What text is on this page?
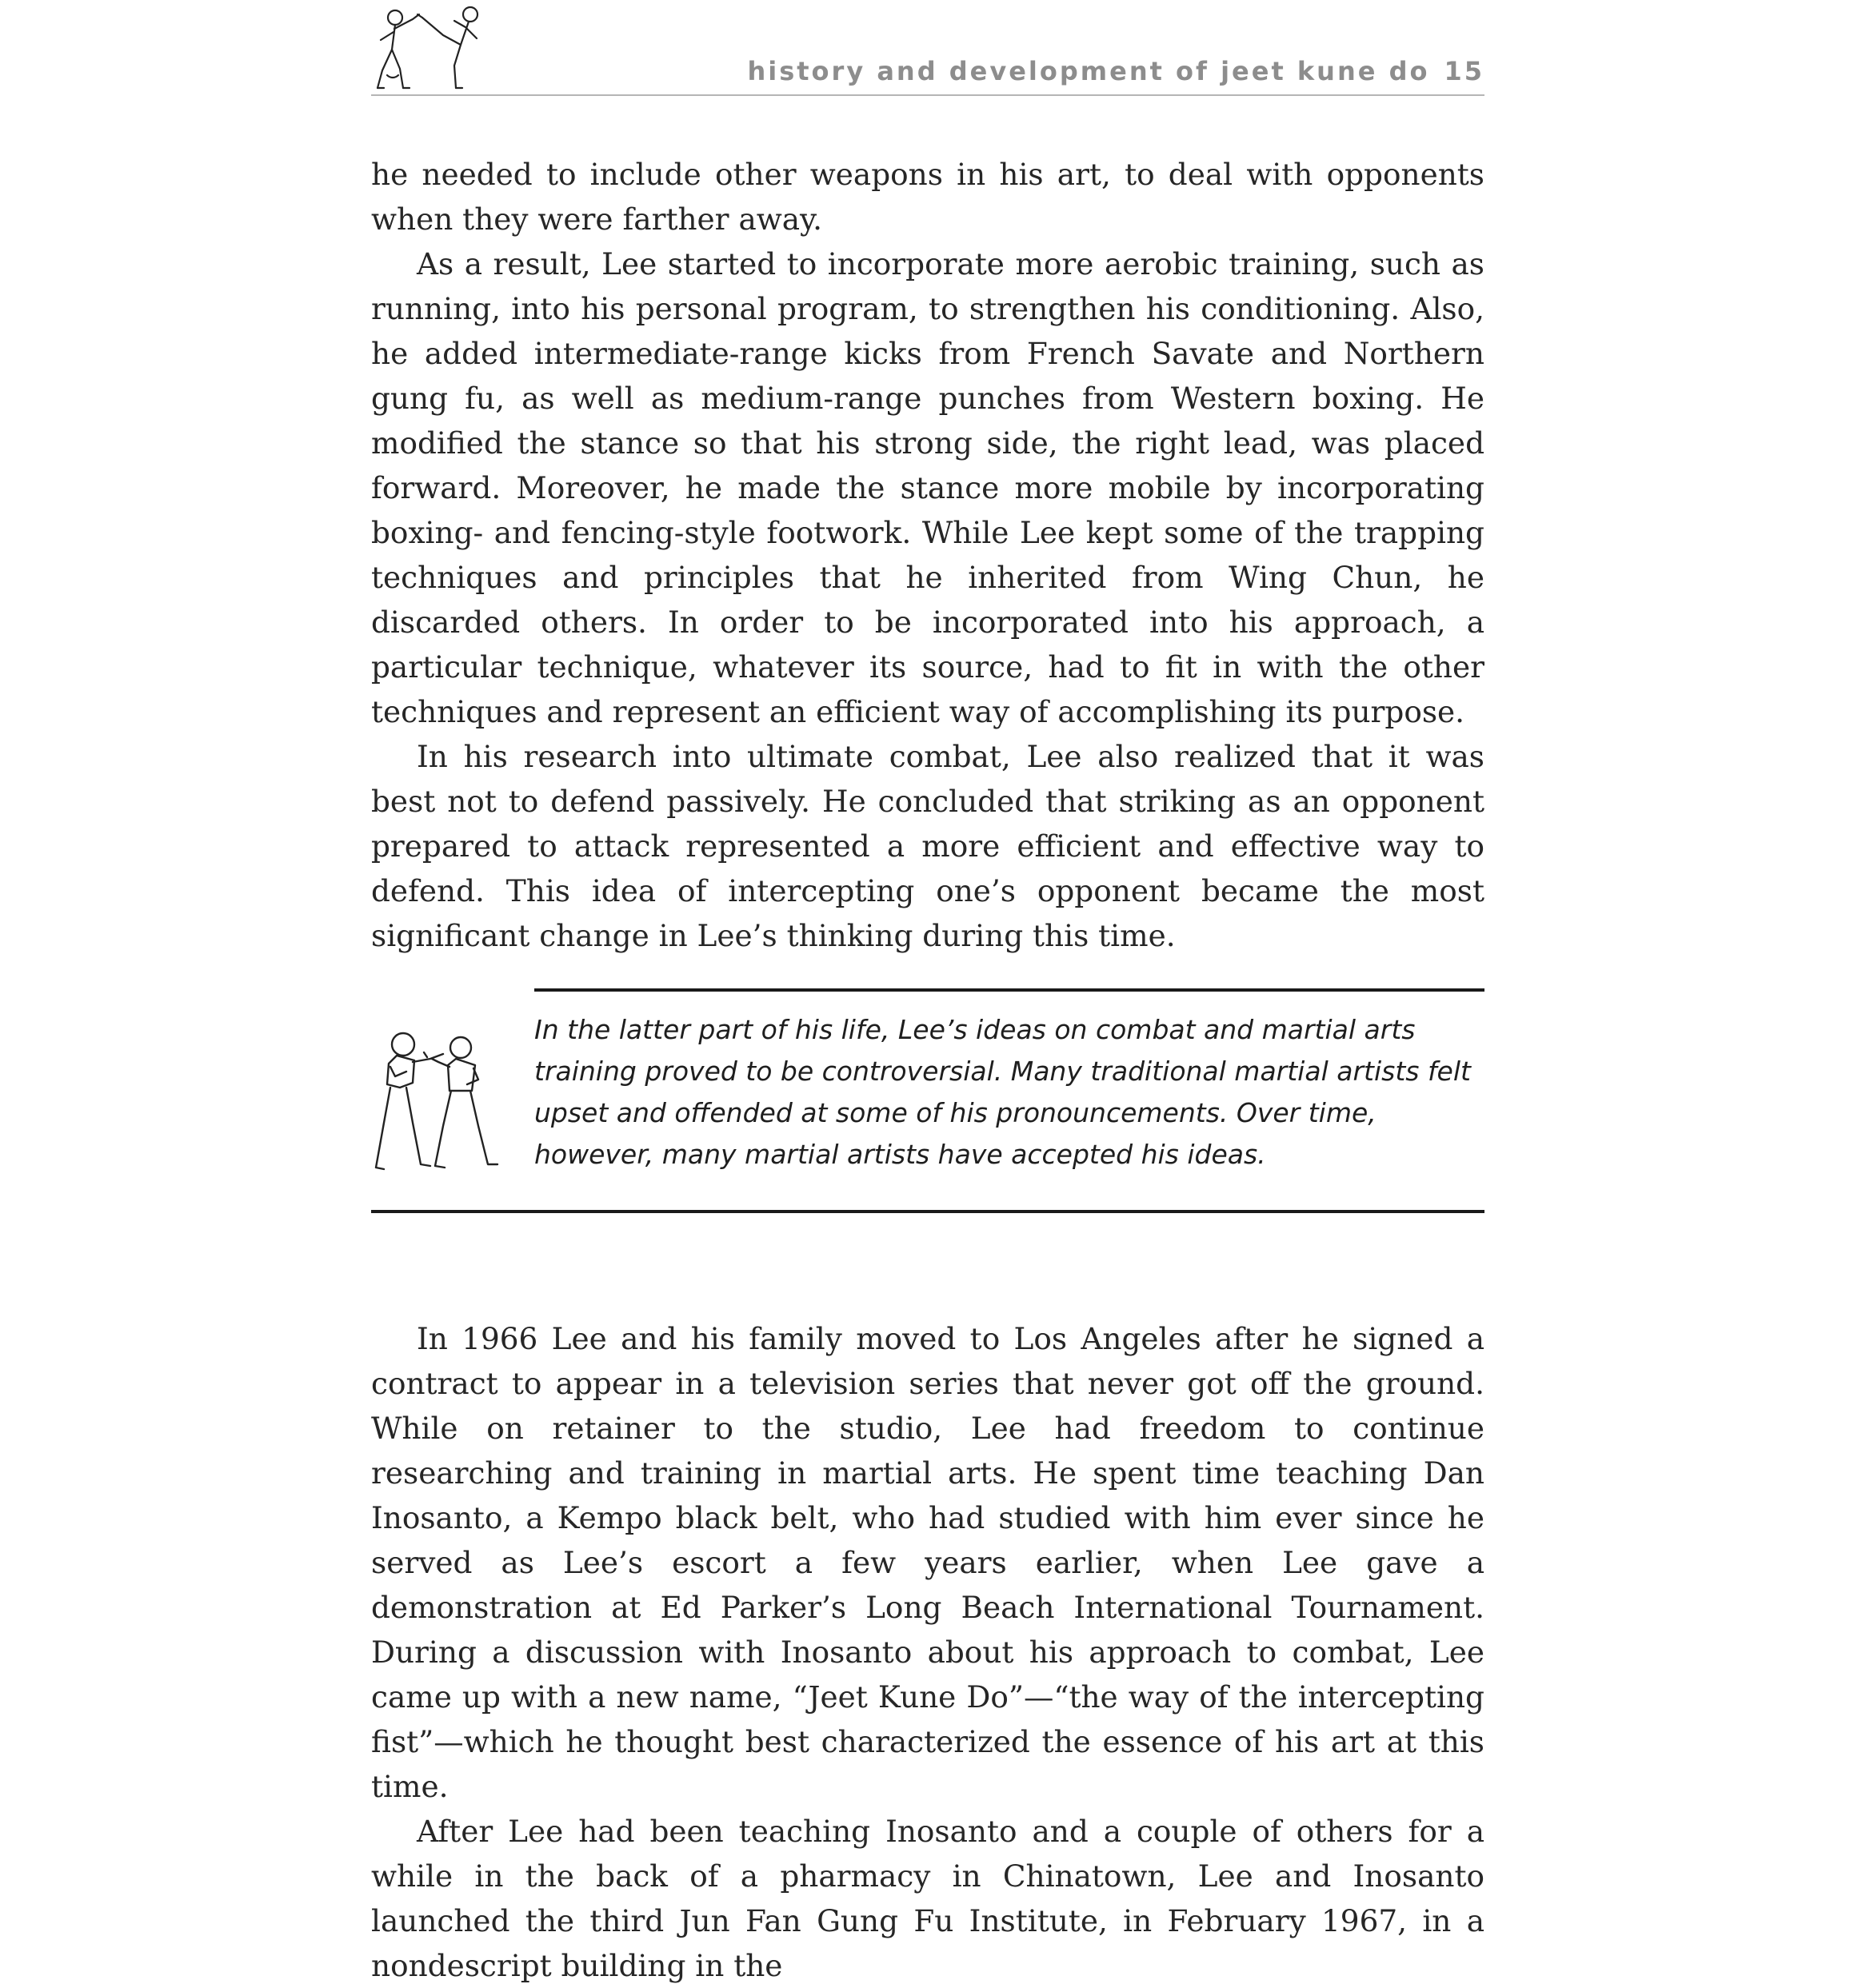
history and development of jeet kune do 15

he needed to include other weapons in his art, to deal with opponents when they were farther away.

As a result, Lee started to incorporate more aerobic training, such as running, into his personal program, to strengthen his conditioning. Also, he added intermediate-range kicks from French Savate and Northern gung fu, as well as medium-range punches from Western boxing. He modified the stance so that his strong side, the right lead, was placed forward. Moreover, he made the stance more mobile by incorporating boxing- and fencing-style footwork. While Lee kept some of the trapping techniques and principles that he inherited from Wing Chun, he discarded others. In order to be incorporated into his approach, a particular technique, whatever its source, had to fit in with the other techniques and represent an efficient way of accomplishing its purpose.

In his research into ultimate combat, Lee also realized that it was best not to defend passively. He concluded that striking as an opponent prepared to attack represented a more efficient and effective way to defend. This idea of intercepting one’s opponent became the most significant change in Lee’s thinking during this time.

In the latter part of his life, Lee’s ideas on combat and martial arts training proved to be controversial. Many traditional martial artists felt upset and offended at some of his pronouncements. Over time, however, many martial artists have accepted his ideas.

In 1966 Lee and his family moved to Los Angeles after he signed a contract to appear in a television series that never got off the ground. While on retainer to the studio, Lee had freedom to continue researching and training in martial arts. He spent time teaching Dan Inosanto, a Kempo black belt, who had studied with him ever since he served as Lee’s escort a few years earlier, when Lee gave a demonstration at Ed Parker’s Long Beach International Tournament. During a discussion with Inosanto about his approach to combat, Lee came up with a new name, “Jeet Kune Do”—“the way of the intercepting fist”—which he thought best characterized the essence of his art at this time.

After Lee had been teaching Inosanto and a couple of others for a while in the back of a pharmacy in Chinatown, Lee and Inosanto launched the third Jun Fan Gung Fu Institute, in February 1967, in a nondescript building in the
